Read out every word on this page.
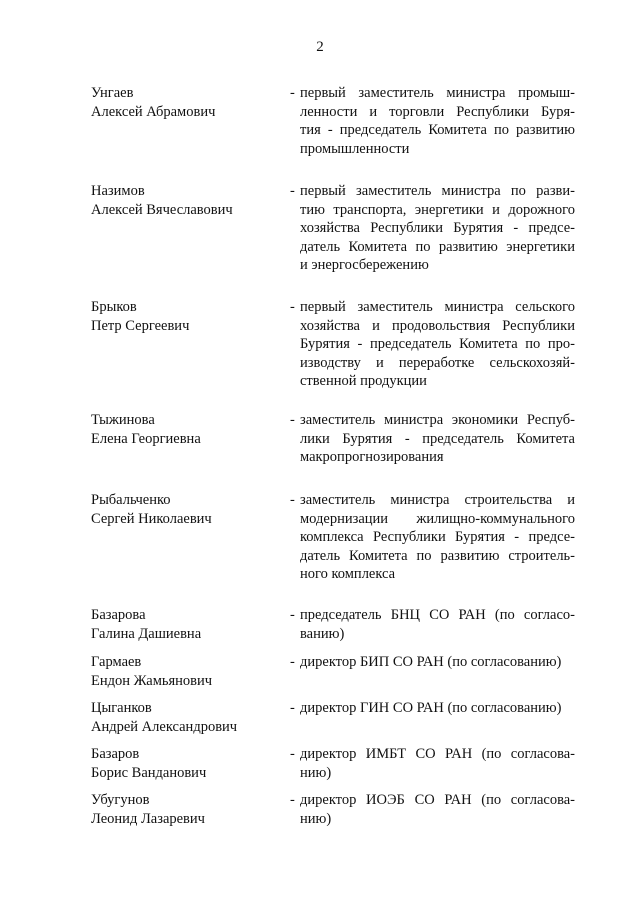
2
Унгаев
Алексей Абрамович
- первый заместитель министра промыш-
ленности и торговли Республики Буря-
тия - председатель Комитета по развитию
промышленности
Назимов
Алексей Вячеславович
- первый заместитель министра по разви-
тию транспорта, энергетики и дорожного
хозяйства Республики Бурятия - предсе-
датель Комитета по развитию энергетики
и энергосбережению
Брыков
Петр Сергеевич
- первый заместитель министра сельского
хозяйства и продовольствия Республики
Бурятия - председатель Комитета по про-
изводству и переработке сельскохозяй-
ственной продукции
Тыжинова
Елена Георгиевна
- заместитель министра экономики Респуб-
лики Бурятия - председатель Комитета
макропрогнозирования
Рыбальченко
Сергей Николаевич
- заместитель министра строительства и
модернизации жилищно-коммунального
комплекса Республики Бурятия - предсе-
датель Комитета по развитию строитель-
ного комплекса
Базарова
Галина Дашиевна
- председатель БНЦ СО РАН (по согласо-
ванию)
Гармаев
Ендон Жамьянович
- директор БИП СО РАН (по согласованию)
Цыганков
Андрей Александрович
- директор ГИН СО РАН (по согласованию)
Базаров
Борис Ванданович
- директор ИМБТ СО РАН (по согласова-
нию)
Убугунов
Леонид Лазаревич
- директор ИОЭБ СО РАН (по согласова-
нию)
